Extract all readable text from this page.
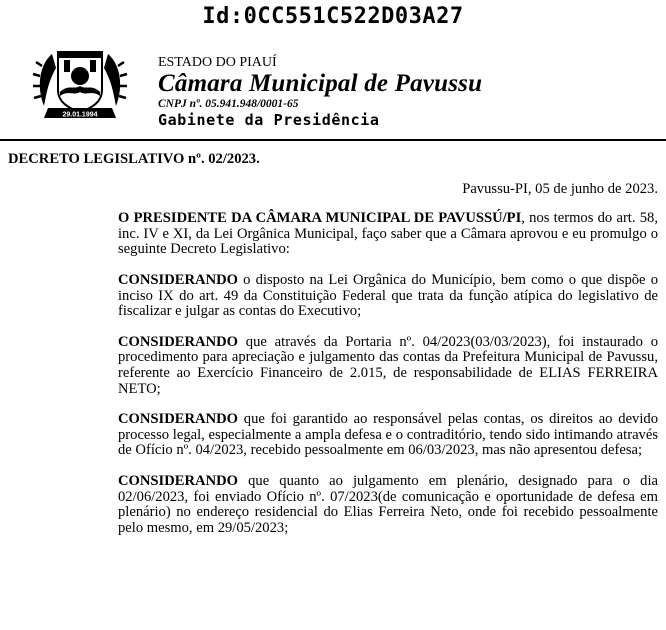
Id:0CC551C522D03A27
29.01.1994
ESTADO DO PIAUÍ
Câmara Municipal de Pavussu
CNPJ nº. 05.941.948/0001-65
Gabinete da Presidência

DECRETO LEGISLATIVO nº. 02/2023.

Pavussu-PI, 05 de junho de 2023.

O PRESIDENTE DA CÂMARA MUNICIPAL DE PAVUSSÚ/PI, nos termos do art. 58, inc. IV e XI, da Lei Orgânica Municipal, faço saber que a Câmara aprovou e eu promulgo o seguinte Decreto Legislativo:

CONSIDERANDO o disposto na Lei Orgânica do Município, bem como o que dispõe o inciso IX do art. 49 da Constituição Federal que trata da função atípica do legislativo de fiscalizar e julgar as contas do Executivo;

CONSIDERANDO que através da Portaria nº. 04/2023(03/03/2023), foi instaurado o procedimento para apreciação e julgamento das contas da Prefeitura Municipal de Pavussu, referente ao Exercício Financeiro de 2.015, de responsabilidade de ELIAS FERREIRA NETO;

CONSIDERANDO que foi garantido ao responsável pelas contas, os direitos ao devido processo legal, especialmente a ampla defesa e o contraditório, tendo sido intimando através de Ofício nº. 04/2023, recebido pessoalmente em 06/03/2023, mas não apresentou defesa;

CONSIDERANDO que quanto ao julgamento em plenário, designado para o dia 02/06/2023, foi enviado Ofício nº. 07/2023(de comunicação e oportunidade de defesa em plenário) no endereço residencial do Elias Ferreira Neto, onde foi recebido pessoalmente pelo mesmo, em 29/05/2023;
